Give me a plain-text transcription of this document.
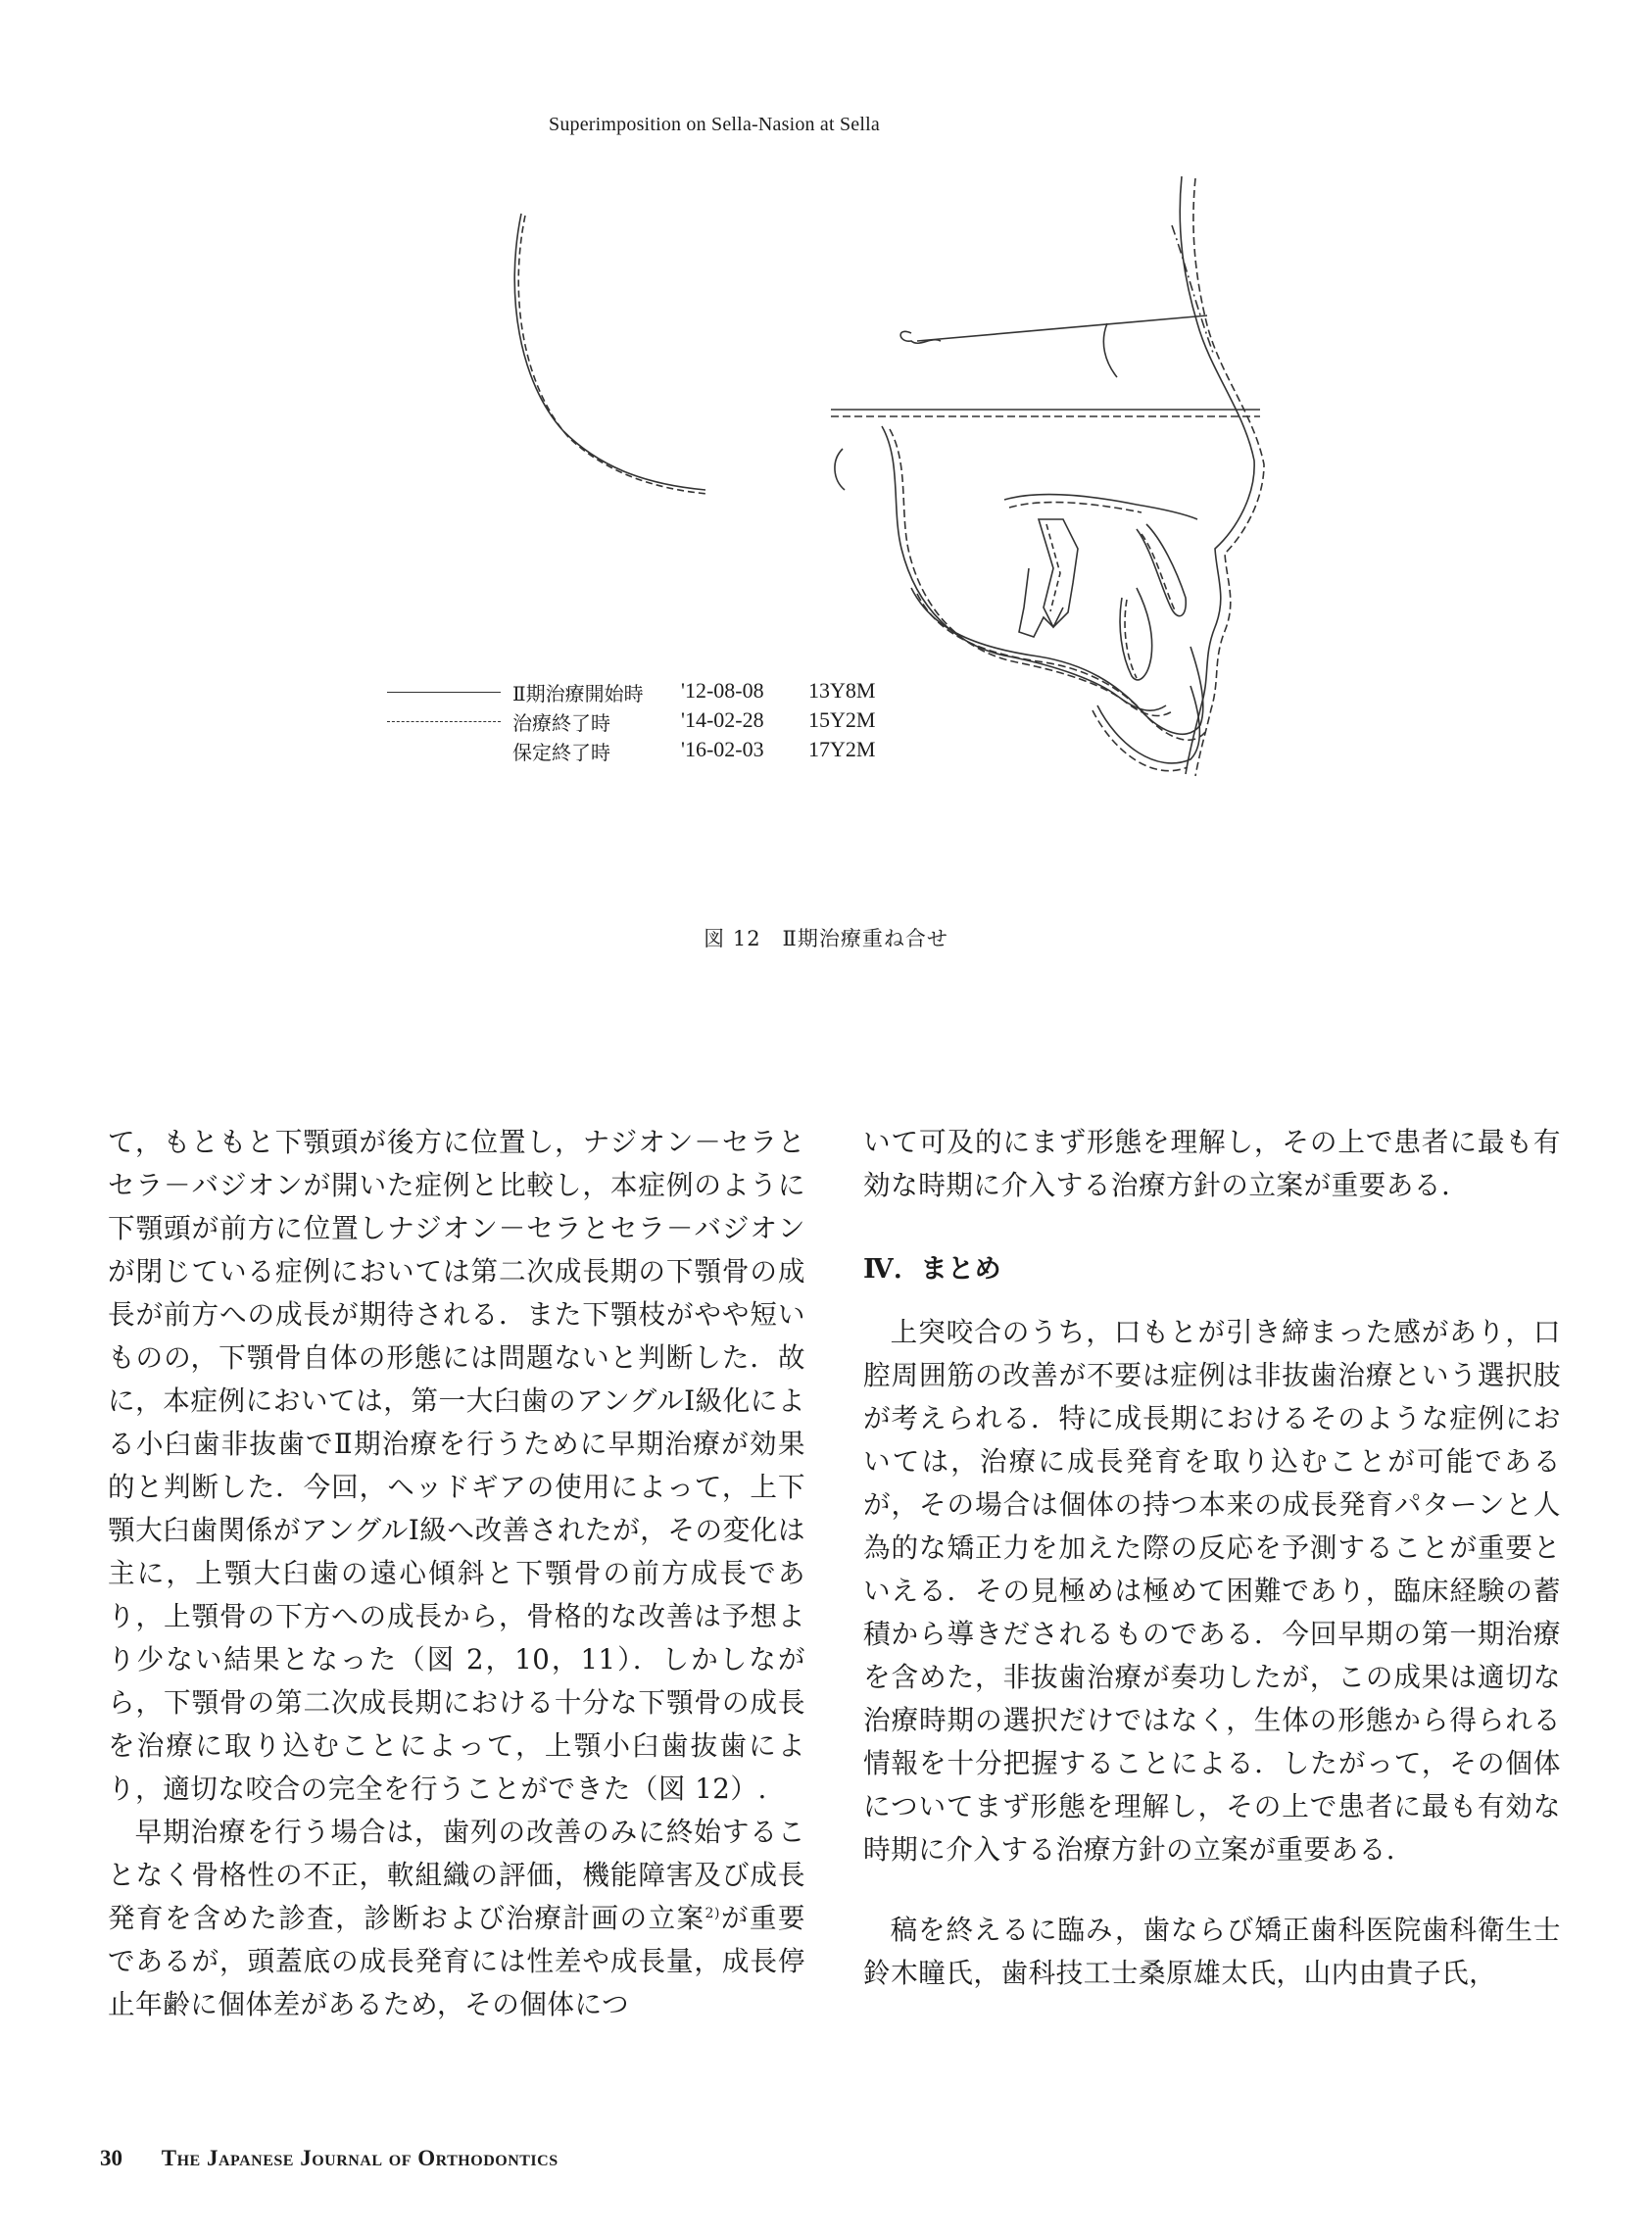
Superimposition on Sella-Nasion at Sella
Ⅱ期治療開始時 '12-08-08 13Y8M
治療終了時	'14-02-28 15Y2M
保定終了時	'16-02-03 17Y2M
図 12　Ⅱ期治療重ね合せ

て，もともと下顎頭が後方に位置し，ナジオン－セラとセラ－バジオンが開いた症例と比較し，本症例のように下顎頭が前方に位置しナジオン－セラとセラ－バジオンが閉じている症例においては第二次成長期の下顎骨の成長が前方への成長が期待される．また下顎枝がやや短いものの，下顎骨自体の形態には問題ないと判断した．故に，本症例においては，第一大臼歯のアングルⅠ級化による小臼歯非抜歯でⅡ期治療を行うために早期治療が効果的と判断した．今回，ヘッドギアの使用によって，上下顎大臼歯関係がアングルⅠ級へ改善されたが，その変化は主に，上顎大臼歯の遠心傾斜と下顎骨の前方成長であり，上顎骨の下方への成長から，骨格的な改善は予想より少ない結果となった（図 2，10，11）．しかしながら，下顎骨の第二次成長期における十分な下顎骨の成長を治療に取り込むことによって，上顎小臼歯抜歯により，適切な咬合の完全を行うことができた（図 12）.

早期治療を行う場合は，歯列の改善のみに終始することなく骨格性の不正，軟組織の評価，機能障害及び成長発育を含めた診査，診断および治療計画の立案$^{2)}$が重要であるが，頭蓋底の成長発育には性差や成長量，成長停止年齢に個体差があるため，その個体につ

いて可及的にまず形態を理解し，その上で患者に最も有効な時期に介入する治療方針の立案が重要ある.

Ⅳ．まとめ

上突咬合のうち，口もとが引き締まった感があり，口腔周囲筋の改善が不要は症例は非抜歯治療という選択肢が考えられる．特に成長期におけるそのような症例においては，治療に成長発育を取り込むことが可能であるが，その場合は個体の持つ本来の成長発育パターンと人為的な矯正力を加えた際の反応を予測することが重要といえる．その見極めは極めて困難であり，臨床経験の蓄積から導きだされるものである．今回早期の第一期治療を含めた，非抜歯治療が奏功したが，この成果は適切な治療時期の選択だけではなく，生体の形態から得られる情報を十分把握することによる．したがって，その個体についてまず形態を理解し，その上で患者に最も有効な時期に介入する治療方針の立案が重要ある.

稿を終えるに臨み，歯ならび矯正歯科医院歯科衛生士鈴木瞳氏，歯科技工士桑原雄太氏，山内由貴子氏，

30 The Japanese Journal of Orthodontics
